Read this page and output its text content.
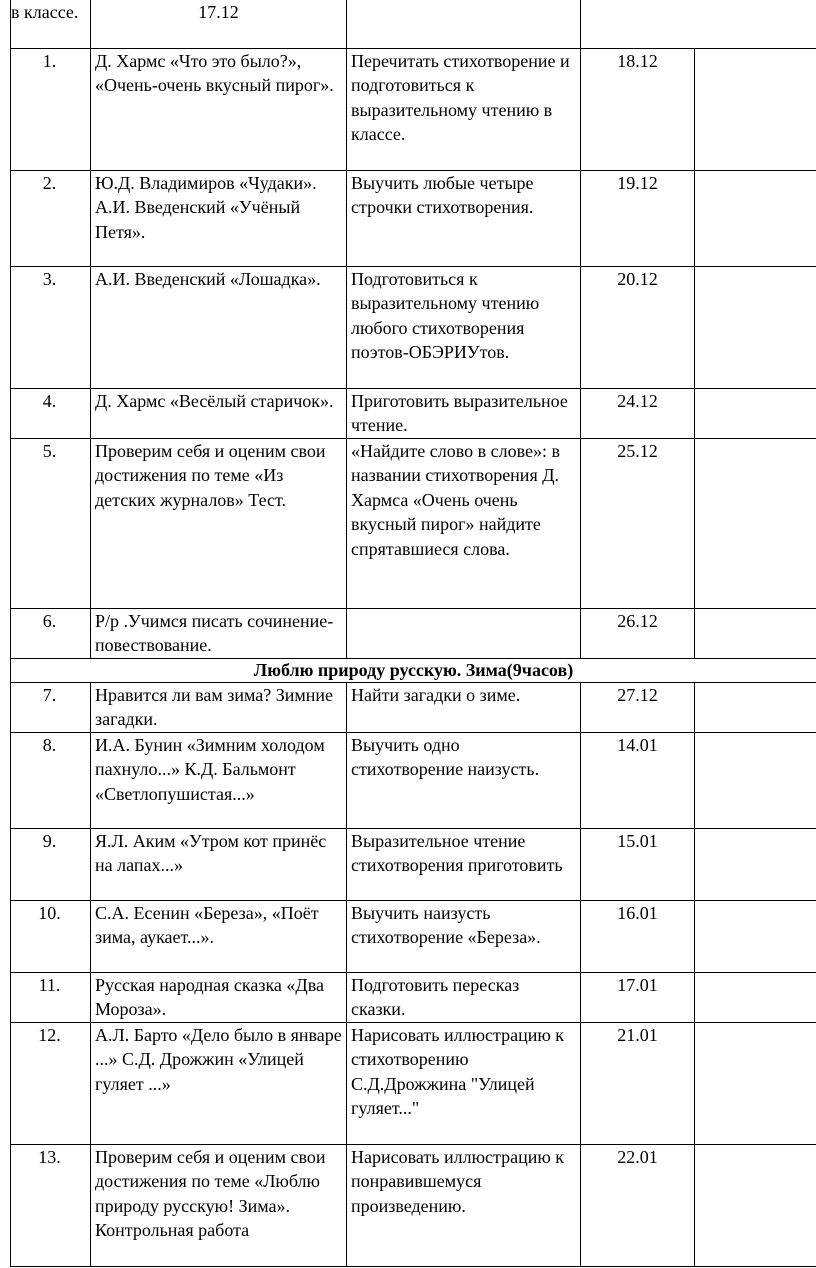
в классе.	17.12			
1.	Д. Хармс «Что это было?», «Очень-очень вкусный пирог».	Перечитать стихотворение и подготовиться к выразительному чтению в классе.	18.12	
2.	Ю.Д. Владимиров «Чудаки». А.И. Введенский «Учёный Петя».	Выучить любые четыре строчки стихотворения.	19.12	
3.	А.И. Введенский «Лошадка».	Подготовиться к выразительному чтению любого стихотворения поэтов-ОБЭРИУтов.	20.12	
4.	Д. Хармс «Весёлый старичок».	Приготовить выразительное чтение.	24.12	
5.	Проверим себя и оценим свои достижения по теме «Из детских журналов» Тест.	«Найдите слово в слове»: в названии стихотворения Д. Хармса «Очень очень вкусный пирог» найдите спрятавшиеся слова.	25.12	
6.	Р/р .Учимся писать сочинение-повествование.		26.12	
Люблю природу русскую. Зима(9часов)				
7.	Нравится ли вам зима? Зимние загадки.	Найти загадки о зиме.	27.12	
8.	И.А. Бунин «Зимним холодом пахнуло...» К.Д. Бальмонт «Светлопушистая...»	Выучить одно стихотворение наизусть.	14.01	
9.	Я.Л. Аким «Утром кот принёс на лапах...»	Выразительное чтение стихотворения приготовить	15.01	
10.	С.А. Есенин «Береза», «Поёт зима, аукает...».	Выучить наизусть стихотворение «Береза».	16.01	
11.	Русская народная сказка «Два Мороза».	Подготовить пересказ сказки.	17.01	
12.	А.Л. Барто «Дело было в январе ...» С.Д. Дрожжин «Улицей гуляет ...»	Нарисовать иллюстрацию к стихотворению С.Д.Дрожжина "Улицей гуляет..."	21.01	
13.	Проверим себя и оценим свои достижения по теме «Люблю природу русскую! Зима». Контрольная работа	Нарисовать иллюстрацию к понравившемуся произведению.	22.01	
